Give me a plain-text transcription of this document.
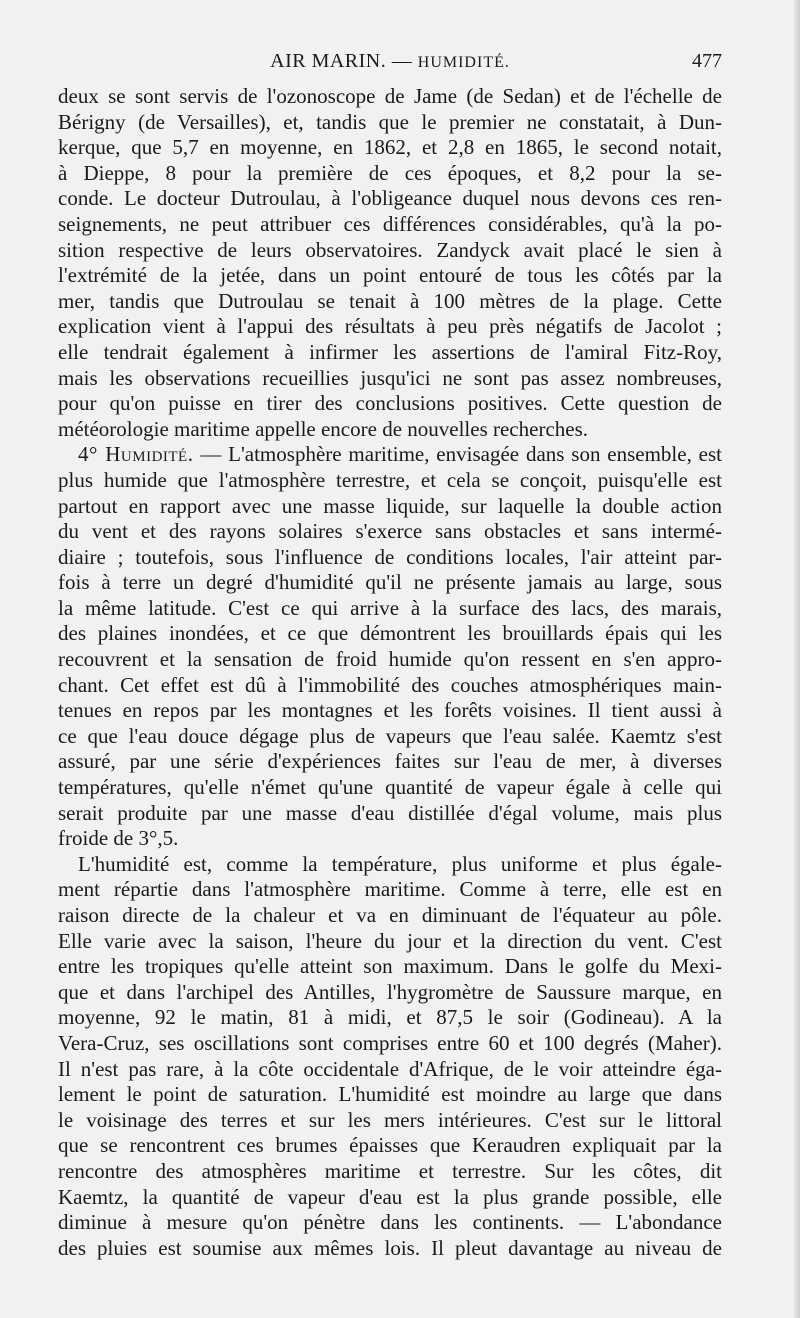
AIR MARIN. — HUMIDITÉ.	477
deux se sont servis de l'ozonoscope de Jame (de Sedan) et de l'échelle de
Bérigny (de Versailles), et, tandis que le premier ne constatait, à Dun-
kerque, que 5,7 en moyenne, en 1862, et 2,8 en 1865, le second notait,
à Dieppe, 8 pour la première de ces époques, et 8,2 pour la se-
conde. Le docteur Dutroulau, à l'obligeance duquel nous devons ces ren-
seignements, ne peut attribuer ces différences considérables, qu'à la po-
sition respective de leurs observatoires. Zandyck avait placé le sien à
l'extrémité de la jetée, dans un point entouré de tous les côtés par la
mer, tandis que Dutroulau se tenait à 100 mètres de la plage. Cette
explication vient à l'appui des résultats à peu près négatifs de Jacolot ;
elle tendrait également à infirmer les assertions de l'amiral Fitz-Roy,
mais les observations recueillies jusqu'ici ne sont pas assez nombreuses,
pour qu'on puisse en tirer des conclusions positives. Cette question de
météorologie maritime appelle encore de nouvelles recherches.
4° Humidité. — L'atmosphère maritime, envisagée dans son ensemble, est
plus humide que l'atmosphère terrestre, et cela se conçoit, puisqu'elle est
partout en rapport avec une masse liquide, sur laquelle la double action
du vent et des rayons solaires s'exerce sans obstacles et sans intermé-
diaire ; toutefois, sous l'influence de conditions locales, l'air atteint par-
fois à terre un degré d'humidité qu'il ne présente jamais au large, sous
la même latitude. C'est ce qui arrive à la surface des lacs, des marais,
des plaines inondées, et ce que démontrent les brouillards épais qui les
recouvrent et la sensation de froid humide qu'on ressent en s'en appro-
chant. Cet effet est dû à l'immobilité des couches atmosphériques main-
tenues en repos par les montagnes et les forêts voisines. Il tient aussi à
ce que l'eau douce dégage plus de vapeurs que l'eau salée. Kaemtz s'est
assuré, par une série d'expériences faites sur l'eau de mer, à diverses
températures, qu'elle n'émet qu'une quantité de vapeur égale à celle qui
serait produite par une masse d'eau distillée d'égal volume, mais plus
froide de 3°,5.
L'humidité est, comme la température, plus uniforme et plus égale-
ment répartie dans l'atmosphère maritime. Comme à terre, elle est en
raison directe de la chaleur et va en diminuant de l'équateur au pôle.
Elle varie avec la saison, l'heure du jour et la direction du vent. C'est
entre les tropiques qu'elle atteint son maximum. Dans le golfe du Mexi-
que et dans l'archipel des Antilles, l'hygromètre de Saussure marque, en
moyenne, 92 le matin, 81 à midi, et 87,5 le soir (Godineau). A la
Vera-Cruz, ses oscillations sont comprises entre 60 et 100 degrés (Maher).
Il n'est pas rare, à la côte occidentale d'Afrique, de le voir atteindre éga-
lement le point de saturation. L'humidité est moindre au large que dans
le voisinage des terres et sur les mers intérieures. C'est sur le littoral
que se rencontrent ces brumes épaisses que Keraudren expliquait par la
rencontre des atmosphères maritime et terrestre. Sur les côtes, dit
Kaemtz, la quantité de vapeur d'eau est la plus grande possible, elle
diminue à mesure qu'on pénètre dans les continents. — L'abondance
des pluies est soumise aux mêmes lois. Il pleut davantage au niveau de
